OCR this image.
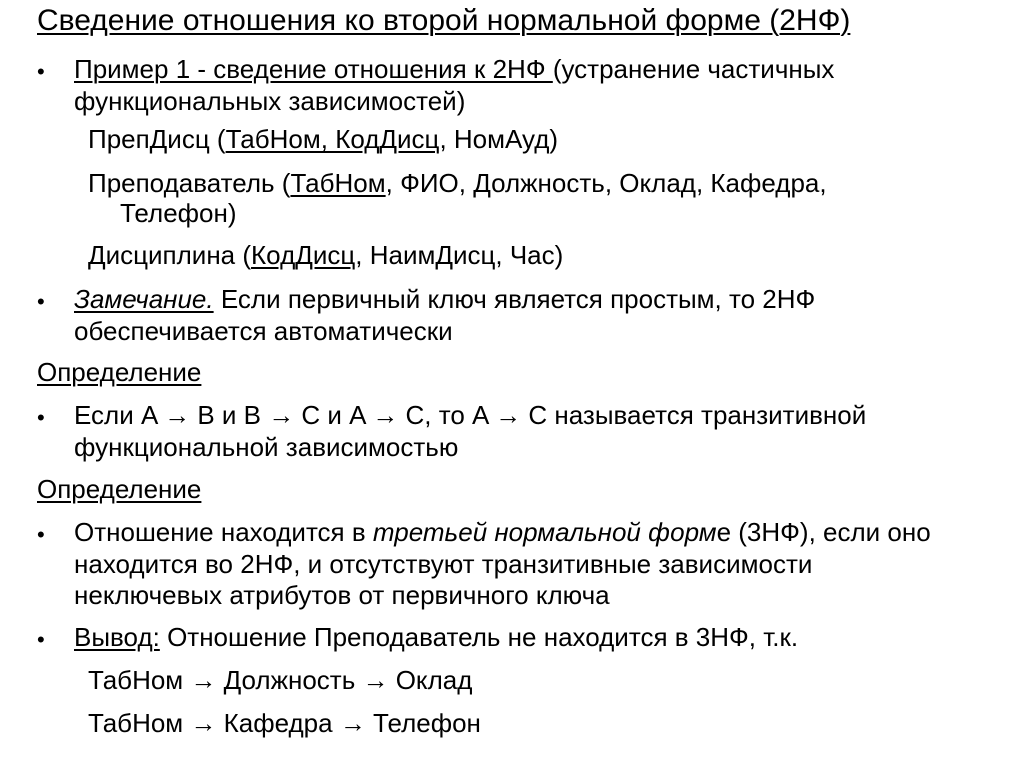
Сведение отношения ко второй нормальной форме (2НФ)
• Пример 1 - сведение отношения к 2НФ (устранение частичных
функциональных зависимостей)
ПрепДисц (ТабНом, КодДисц, НомАуд)
Преподаватель (ТабНом, ФИО, Должность, Оклад, Кафедра,
Телефон)
Дисциплина (КодДисц, НаимДисц, Час)
• Замечание. Если первичный ключ является простым, то 2НФ
обеспечивается автоматически
Определение
• Если A → B и B → C и A → C, то A → C называется транзитивной
функциональной зависимостью
Определение
• Отношение находится в третьей нормальной форме (3НФ), если оно
находится во 2НФ, и отсутствуют транзитивные зависимости
неключевых атрибутов от первичного ключа
• Вывод: Отношение Преподаватель не находится в 3НФ, т.к.
ТабНом → Должность → Оклад
ТабНом → Кафедра → Телефон
